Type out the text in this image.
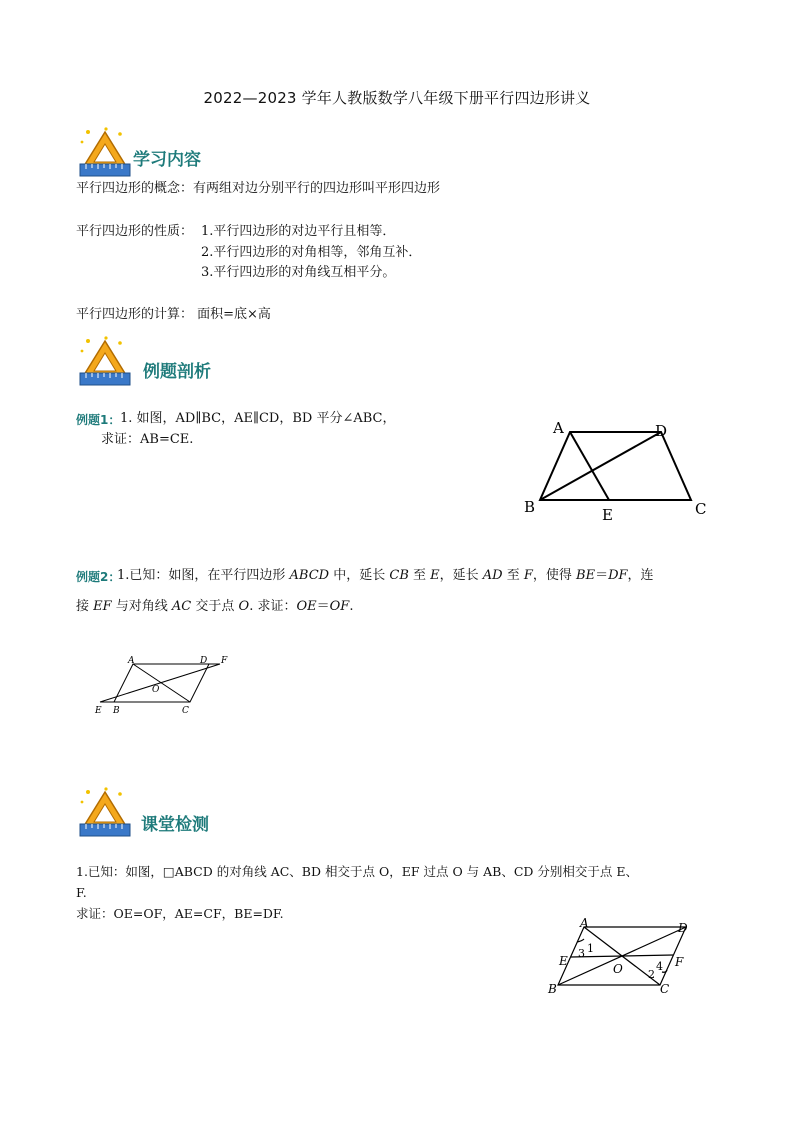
2022—2023 学年人教版数学八年级下册平行四边形讲义
学习内容
平行四边形的概念：有两组对边分别平行的四边形叫平形四边形
平行四边形的性质： 1.平行四边形的对边平行且相等．
2.平行四边形的对角相等，邻角互补．
3.平行四边形的对角线互相平分。
平行四边形的计算： 面积=底×高
例题剖析
例题1： 1. 如图，AD∥BC，AE∥CD，BD 平分∠ABC，
求证：AB=CE.
A	D
B	E	C
例题2：
1.已知：如图，在平行四边形 ABCD 中，延长 CB 至 E，延长 AD 至 F，使得 BE＝DF，连
接 EF 与对角线 AC 交于点 O. 求证：OE＝OF.
A	D F
O
E B	C
课堂检测
1.已知：如图，□ABCD 的对角线 AC、BD 相交于点 O，EF 过点 O 与 AB、CD 分别相交于点 E、
F.
求证：OE=OF，AE=CF，BE=DF.
A	D
E
3 1
O 2
4 F
B	C
